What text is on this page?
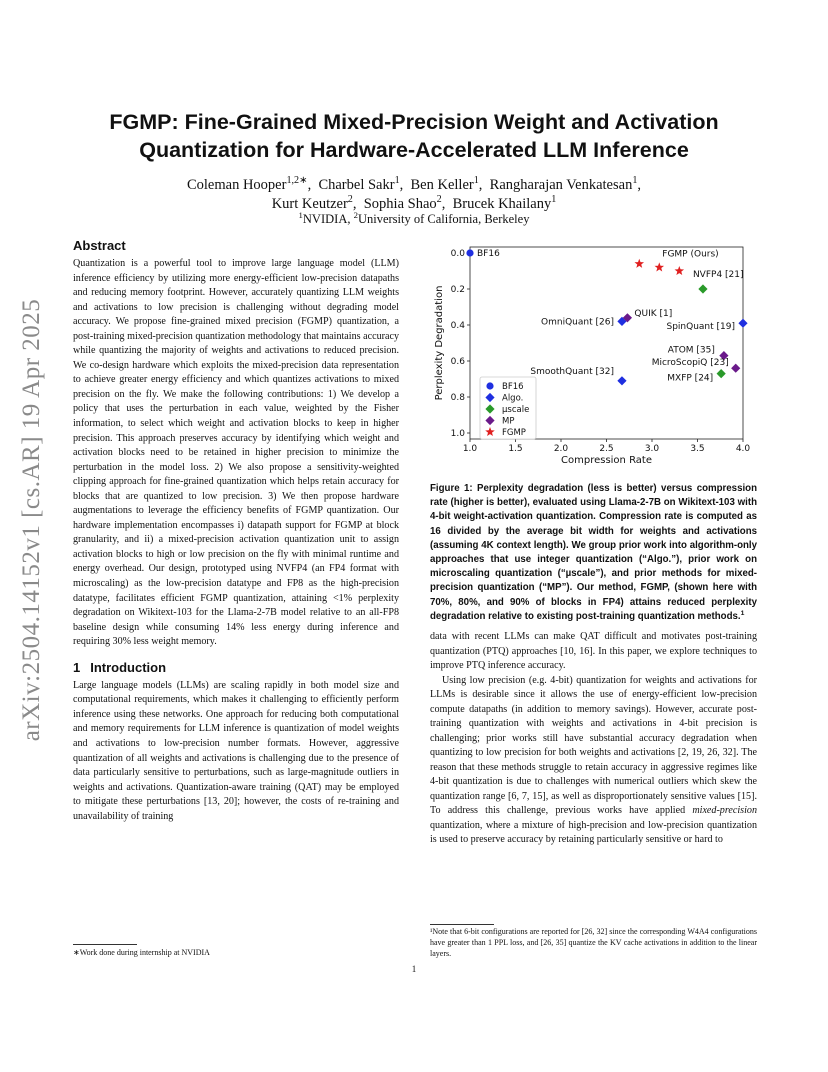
arXiv:2504.14152v1 [cs.AR] 19 Apr 2025
FGMP: Fine-Grained Mixed-Precision Weight and Activation
Quantization for Hardware-Accelerated LLM Inference
Coleman Hooper$^{1,2∗}$,  Charbel Sakr$^1$,  Ben Keller$^1$,  Rangharajan Venkatesan$^1$,
Kurt Keutzer$^2$,  Sophia Shao$^2$,  Brucek Khailany$^1$
$^1$NVIDIA, $^2$University of California, Berkeley
Abstract

Quantization is a powerful tool to improve large language model (LLM) inference efficiency by utilizing more energy-efficient low-precision datapaths and reducing memory footprint. However, accurately quantizing LLM weights and activations to low precision is challenging without degrading model accuracy. We propose fine-grained mixed precision (FGMP) quantization, a post-training mixed-precision quantization methodology that maintains accuracy while quantizing the majority of weights and activations to reduced precision. We co-design hardware which exploits the mixed-precision data representation to achieve greater energy efficiency and which quantizes activations to mixed precision on the fly. We make the following contributions: 1) We develop a policy that uses the perturbation in each value, weighted by the Fisher information, to select which weight and activation blocks to keep in higher precision. This approach preserves accuracy by identifying which weight and activation blocks need to be retained in higher precision to minimize the perturbation in the model loss. 2) We also propose a sensitivity-weighted clipping approach for fine-grained quantization which helps retain accuracy for blocks that are quantized to low precision. 3) We then propose hardware augmentations to leverage the efficiency benefits of FGMP quantization. Our hardware implementation encompasses i) datapath support for FGMP at block granularity, and ii) a mixed-precision activation quantization unit to assign activation blocks to high or low precision on the fly with minimal runtime and energy overhead. Our design, prototyped using NVFP4 (an FP4 format with microscaling) as the low-precision datatype and FP8 as the high-precision datatype, facilitates efficient FGMP quantization, attaining <1% perplexity degradation on Wikitext-103 for the Llama-2-7B model relative to an all-FP8 baseline design while consuming 14% less energy during inference and requiring 30% less weight memory.

1 Introduction

Large language models (LLMs) are scaling rapidly in both model size and computational requirements, which makes it challenging to efficiently perform inference using these networks. One approach for reducing both computational and memory requirements for LLM inference is quantization of model weights and activations to low-precision number formats. However, aggressive quantization of all weights and activations is challenging due to the presence of data particularly sensitive to perturbations, such as large-magnitude outliers in weights and activations. Quantization-aware training (QAT) may be employed to mitigate these perturbations [13, 20]; however, the costs of re-training and unavailability of training

1.0	1.5	2.0	2.5	3.0	3.5	4.0
0.0
0.2
0.4
0.6
0.8
1.0
Compression Rate
Perplexity Degradation
BF16
OmniQuant [26]
SmoothQuant [32]
SpinQuant [19]
NVFP4 [21]
MXFP [24]
QUIK [1]
ATOM [35]
MicroScopiQ [23]
FGMP (Ours)
BF16
Algo.
µscale
MP
FGMP

Figure 1: Perplexity degradation (less is better) versus compression rate (higher is better), evaluated using Llama-2-7B on Wikitext-103 with 4-bit weight-activation quantization. Compression rate is computed as 16 divided by the average bit width for weights and activations (assuming 4K context length). We group prior work into algorithm-only approaches that use integer quantization (“Algo.”), prior work on microscaling quantization (“µscale”), and prior methods for mixed-precision quantization (“MP”). Our method, FGMP, (shown here with 70%, 80%, and 90% of blocks in FP4) attains reduced perplexity degradation relative to existing post-training quantization methods.$^1$

data with recent LLMs can make QAT difficult and motivates post-training quantization (PTQ) approaches [10, 16]. In this paper, we explore techniques to improve PTQ inference accuracy.

Using low precision (e.g. 4-bit) quantization for weights and activations for LLMs is desirable since it allows the use of energy-efficient low-precision compute datapaths (in addition to memory savings). However, accurate post-training quantization with weights and activations in 4-bit precision is challenging; prior works still have substantial accuracy degradation when quantizing to low precision for both weights and activations [2, 19, 26, 32]. The reason that these methods struggle to retain accuracy in aggressive regimes like 4-bit quantization is due to challenges with numerical outliers which skew the quantization range [6, 7, 15], as well as disproportionately sensitive values [15]. To address this challenge, previous works have applied mixed-precision quantization, where a mixture of high-precision and low-precision quantization is used to preserve accuracy by retaining particularly sensitive or hard to

∗Work done during internship at NVIDIA
¹Note that 6-bit configurations are reported for [26, 32] since the corresponding W4A4 configurations have greater than 1 PPL loss, and [26, 35] quantize the KV cache activations in addition to the linear layers.
1
